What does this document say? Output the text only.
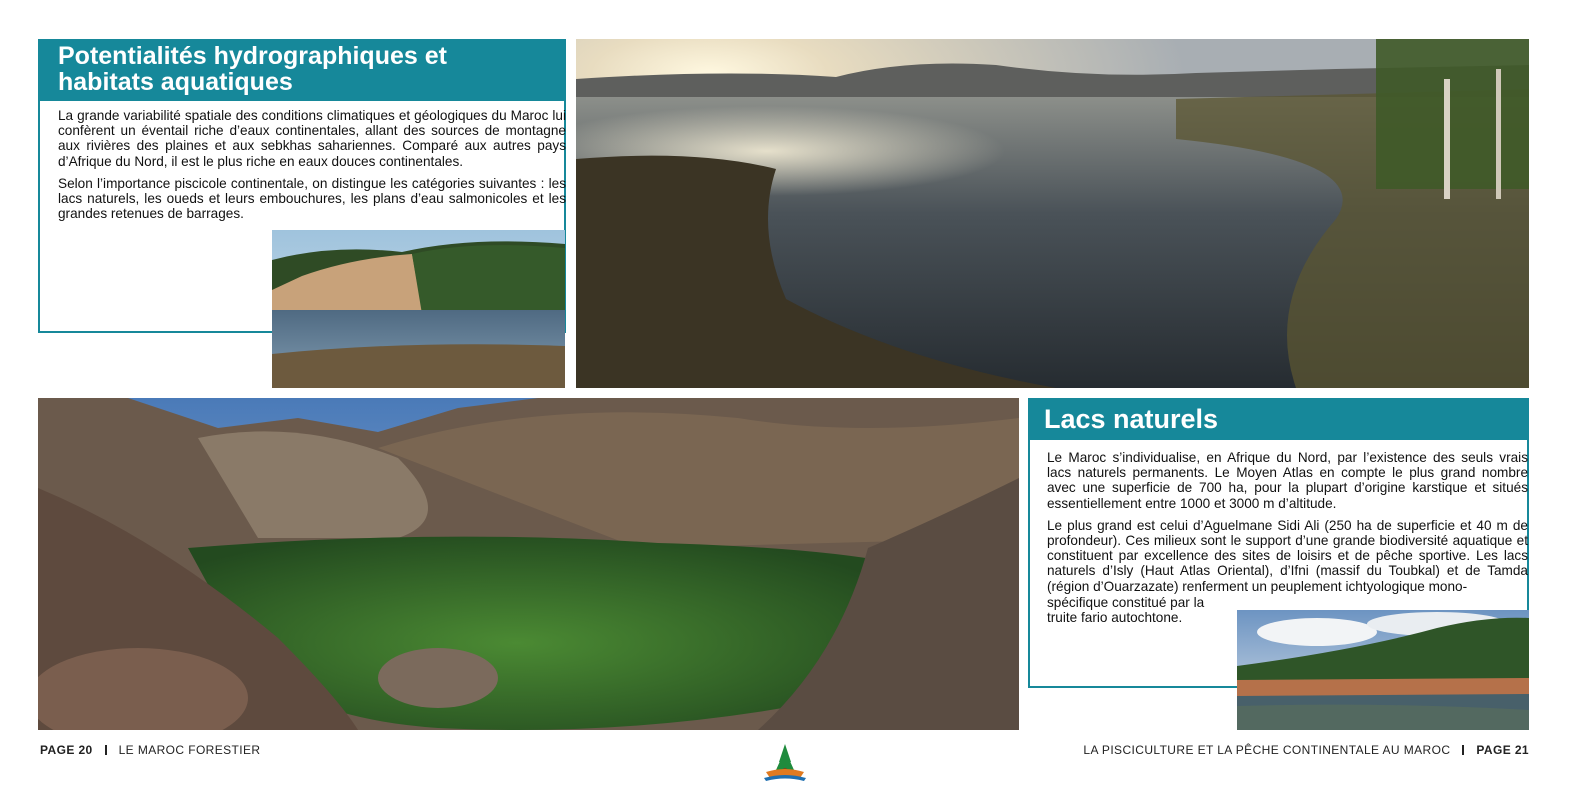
Potentialités hydrographiques et habitats aquatiques

La grande variabilité spatiale des conditions climatiques et géologiques du Maroc lui confèrent un éventail riche d’eaux continentales, allant des sources de montagne aux rivières des plaines et aux sebkhas sahariennes. Comparé aux autres pays d’Afrique du Nord, il est le plus riche en eaux douces continentales.

Selon l’importance piscicole continentale, on distingue les catégories suivantes : les lacs naturels, les oueds et leurs embouchures, les plans d’eau salmonicoles et les grandes retenues de barrages.

Lacs naturels

Le Maroc s’individualise, en Afrique du Nord, par l’existence des seuls vrais lacs naturels permanents. Le Moyen Atlas en compte le plus grand nombre avec une superficie de 700 ha, pour la plupart d’origine karstique et situés essentiellement entre 1000 et 3000 m d’altitude.

Le plus grand est celui d’Aguelmane Sidi Ali (250 ha de superficie et 40 m de profondeur). Ces milieux sont le support d’une grande biodiversité aquatique et constituent par excellence des sites de loisirs et de pêche sportive. Les lacs naturels d’Isly (Haut Atlas Oriental), d’Ifni (massif du Toubkal) et de Tamda (région d’Ouarzazate) renferment un peuplement ichtyologique mono-

spécifique constitué par la
truite fario autochtone.
PAGE 20 LE MAROC FORESTIER	LA PISCICULTURE ET LA PÊCHE CONTINENTALE AU MAROC PAGE 21
